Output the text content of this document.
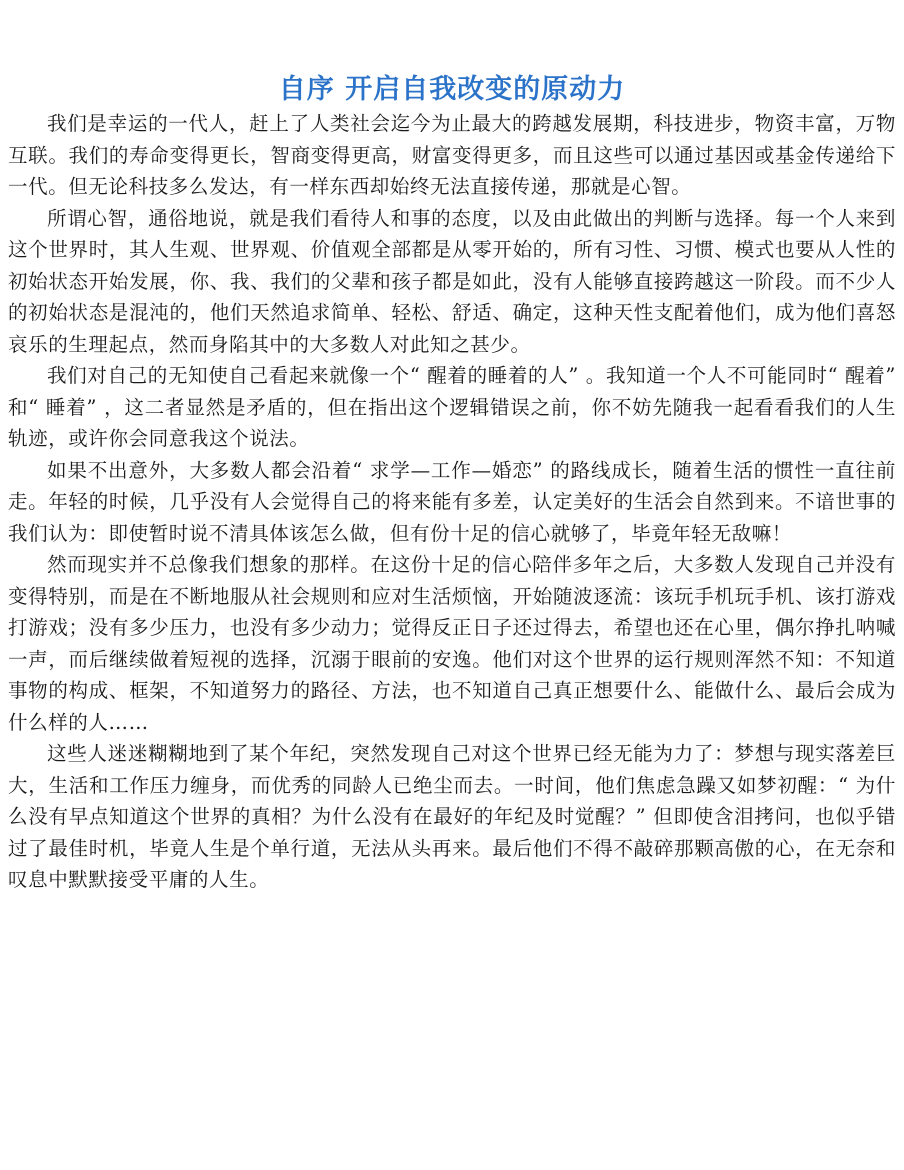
自序 开启自我改变的原动力

我们是幸运的一代人，赶上了人类社会迄今为止最大的跨越发展期，科技进步，物资丰富，万物互联。我们的寿命变得更长，智商变得更高，财富变得更多，而且这些可以通过基因或基金传递给下一代。但无论科技多么发达，有一样东西却始终无法直接传递，那就是心智。

所谓心智，通俗地说，就是我们看待人和事的态度，以及由此做出的判断与选择。每一个人来到这个世界时，其人生观、世界观、价值观全部都是从零开始的，所有习性、习惯、模式也要从人性的初始状态开始发展，你、我、我们的父辈和孩子都是如此，没有人能够直接跨越这一阶段。而不少人的初始状态是混沌的，他们天然追求简单、轻松、舒适、确定，这种天性支配着他们，成为他们喜怒哀乐的生理起点，然而身陷其中的大多数人对此知之甚少。

我们对自己的无知使自己看起来就像一个“ 醒着的睡着的人” 。我知道一个人不可能同时“ 醒着” 和“ 睡着” ，这二者显然是矛盾的，但在指出这个逻辑错误之前，你不妨先随我一起看看我们的人生轨迹，或许你会同意我这个说法。

如果不出意外，大多数人都会沿着“ 求学—工作—婚恋” 的路线成长，随着生活的惯性一直往前走。年轻的时候，几乎没有人会觉得自己的将来能有多差，认定美好的生活会自然到来。不谙世事的我们认为：即使暂时说不清具体该怎么做，但有份十足的信心就够了，毕竟年轻无敌嘛！

然而现实并不总像我们想象的那样。在这份十足的信心陪伴多年之后，大多数人发现自己并没有变得特别，而是在不断地服从社会规则和应对生活烦恼，开始随波逐流：该玩手机玩手机、该打游戏打游戏；没有多少压力，也没有多少动力；觉得反正日子还过得去，希望也还在心里，偶尔挣扎呐喊一声，而后继续做着短视的选择，沉溺于眼前的安逸。他们对这个世界的运行规则浑然不知：不知道事物的构成、框架，不知道努力的路径、方法，也不知道自己真正想要什么、能做什么、最后会成为什么样的人……

这些人迷迷糊糊地到了某个年纪，突然发现自己对这个世界已经无能为力了：梦想与现实落差巨大，生活和工作压力缠身，而优秀的同龄人已绝尘而去。一时间，他们焦虑急躁又如梦初醒：“ 为什么没有早点知道这个世界的真相？为什么没有在最好的年纪及时觉醒？” 但即使含泪拷问，也似乎错过了最佳时机，毕竟人生是个单行道，无法从头再来。最后他们不得不敲碎那颗高傲的心，在无奈和叹息中默默接受平庸的人生。
